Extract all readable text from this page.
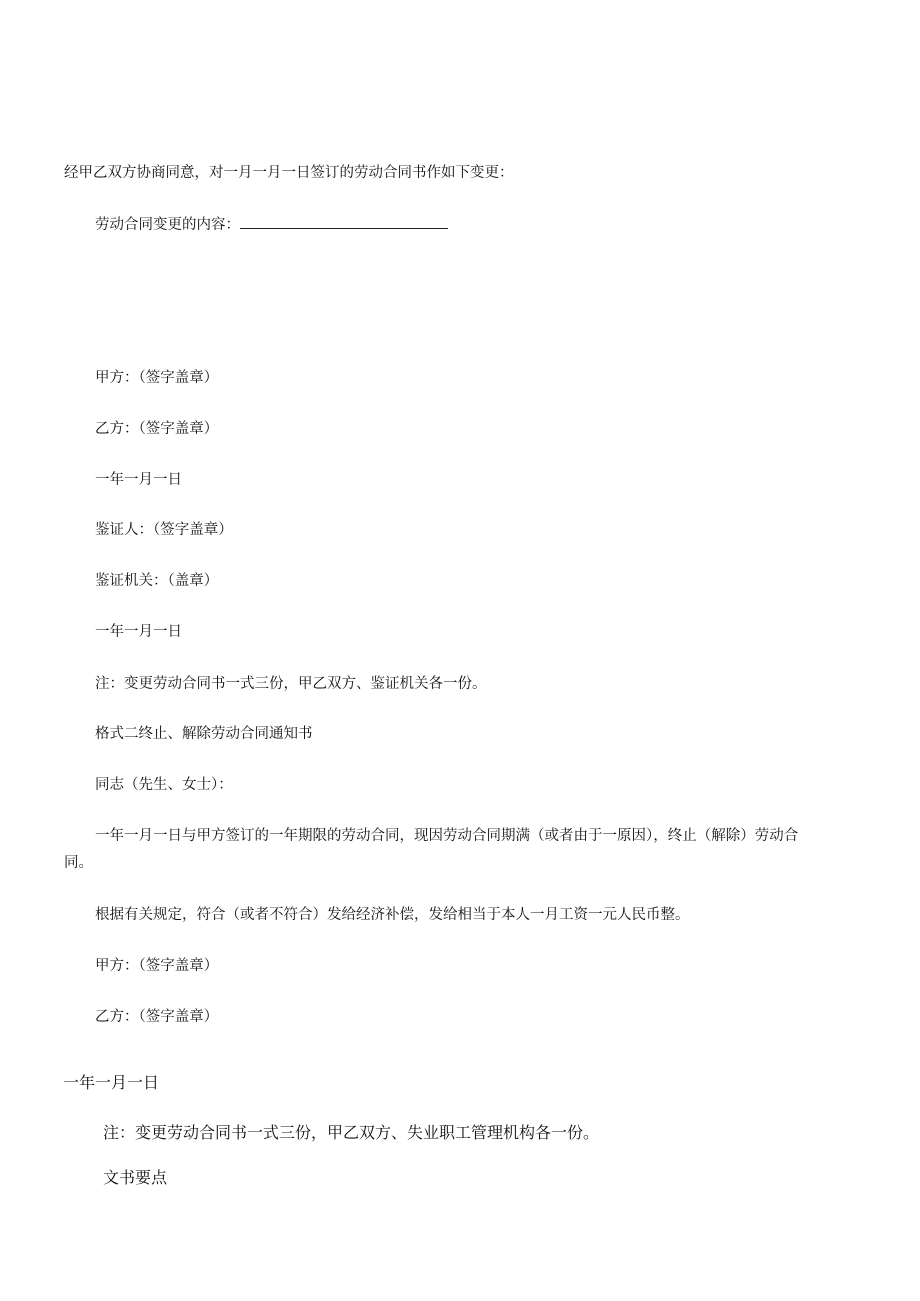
经甲乙双方协商同意，对一月一月一日签订的劳动合同书作如下变更：
劳动合同变更的内容：
甲方：（签字盖章）
乙方：（签字盖章）
一年一月一日
鉴证人：（签字盖章）
鉴证机关：（盖章）
一年一月一日
注：变更劳动合同书一式三份，甲乙双方、鉴证机关各一份。
格式二终止、解除劳动合同通知书
同志（先生、女士）：
一年一月一日与甲方签订的一年期限的劳动合同，现因劳动合同期满（或者由于一原因），终止（解除）劳动合
同。
根据有关规定，符合（或者不符合）发给经济补偿，发给相当于本人一月工资一元人民币整。
甲方：（签字盖章）
乙方：（签字盖章）
一年一月一日
注：变更劳动合同书一式三份，甲乙双方、失业职工管理机构各一份。
文书要点
